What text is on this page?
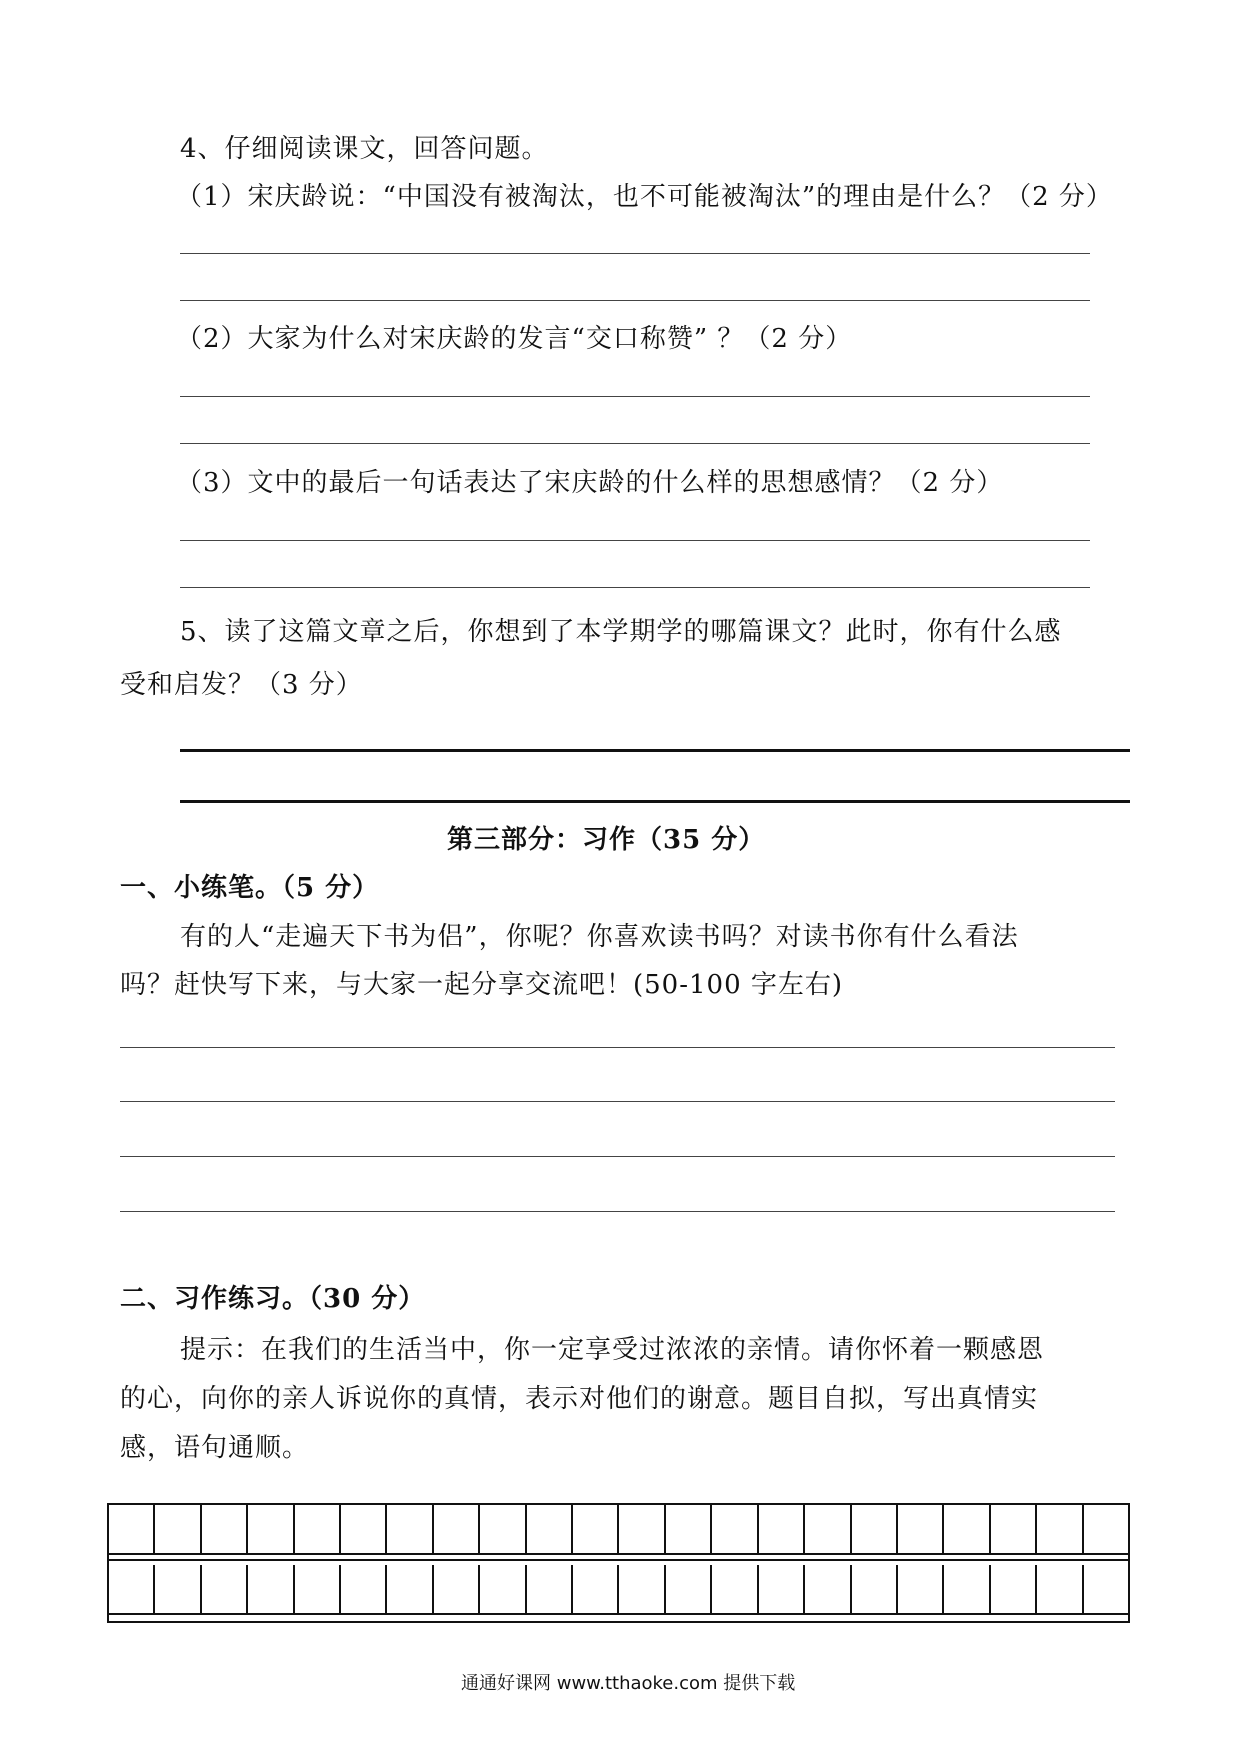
4、仔细阅读课文，回答问题。
（1）宋庆龄说：“中国没有被淘汰，也不可能被淘汰”的理由是什么？（2 分）
（2）大家为什么对宋庆龄的发言“交口称赞” ？（2 分）
（3）文中的最后一句话表达了宋庆龄的什么样的思想感情？（2 分）
5、读了这篇文章之后，你想到了本学期学的哪篇课文？此时，你有什么感
受和启发？（3 分）
第三部分：习作（35 分）
一、小练笔。（5 分）
有的人“走遍天下书为侣”，你呢？你喜欢读书吗？对读书你有什么看法
吗？赶快写下来，与大家一起分享交流吧！(50-100 字左右)
二、习作练习。（30 分）
提示：在我们的生活当中，你一定享受过浓浓的亲情。请你怀着一颗感恩
的心，向你的亲人诉说你的真情，表示对他们的谢意。题目自拟，写出真情实
感，语句通顺。
通通好课网 www.tthaoke.com 提供下载
